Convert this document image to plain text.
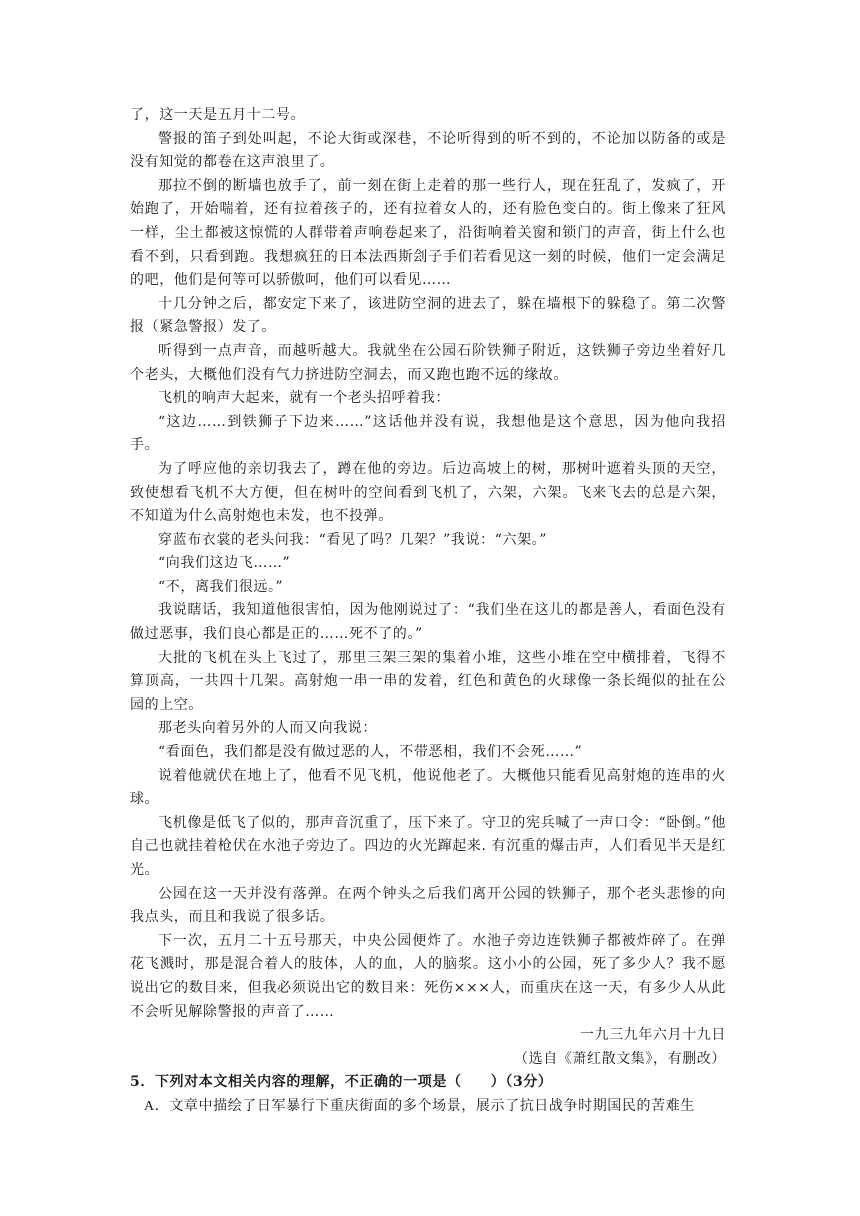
了，这一天是五月十二号。

警报的笛子到处叫起，不论大街或深巷，不论听得到的听不到的，不论加以防备的或是没有知觉的都卷在这声浪里了。

那拉不倒的断墙也放手了，前一刻在街上走着的那一些行人，现在狂乱了，发疯了，开始跑了，开始喘着，还有拉着孩子的，还有拉着女人的，还有脸色变白的。街上像来了狂风一样，尘土都被这惊慌的人群带着声响卷起来了，沿街响着关窗和锁门的声音，街上什么也看不到，只看到跑。我想疯狂的日本法西斯刽子手们若看见这一刻的时候，他们一定会满足的吧，他们是何等可以骄傲呵，他们可以看见……

十几分钟之后，都安定下来了，该进防空洞的进去了，躲在墙根下的躲稳了。第二次警报（紧急警报）发了。

听得到一点声音，而越听越大。我就坐在公园石阶铁狮子附近，这铁狮子旁边坐着好几个老头，大概他们没有气力挤进防空洞去，而又跑也跑不远的缘故。

飞机的响声大起来，就有一个老头招呼着我：

“这边……到铁狮子下边来……”这话他并没有说，我想他是这个意思，因为他向我招手。

为了呼应他的亲切我去了，蹲在他的旁边。后边高坡上的树，那树叶遮着头顶的天空，致使想看飞机不大方便，但在树叶的空间看到飞机了，六架，六架。飞来飞去的总是六架，不知道为什么高射炮也未发，也不投弹。

穿蓝布衣裳的老头问我：“看见了吗？几架？”我说：“六架。”

“向我们这边飞……”

“不，离我们很远。”

我说瞎话，我知道他很害怕，因为他刚说过了：“我们坐在这儿的都是善人，看面色没有做过恶事，我们良心都是正的……死不了的。”

大批的飞机在头上飞过了，那里三架三架的集着小堆，这些小堆在空中横排着，飞得不算顶高，一共四十几架。高射炮一串一串的发着，红色和黄色的火球像一条长绳似的扯在公园的上空。

那老头向着另外的人而又向我说：

“看面色，我们都是没有做过恶的人，不带恶相，我们不会死……”

说着他就伏在地上了，他看不见飞机，他说他老了。大概他只能看见高射炮的连串的火球。

飞机像是低飞了似的，那声音沉重了，压下来了。守卫的宪兵喊了一声口令：“卧倒。”他自己也就挂着枪伏在水池子旁边了。四边的火光蹿起来. 有沉重的爆击声，人们看见半天是红光。

公园在这一天并没有落弹。在两个钟头之后我们离开公园的铁狮子，那个老头悲惨的向我点头，而且和我说了很多话。

下一次，五月二十五号那天，中央公园便炸了。水池子旁边连铁狮子都被炸碎了。在弹花飞溅时，那是混合着人的肢体，人的血，人的脑浆。这小小的公园，死了多少人？我不愿说出它的数目来，但我必须说出它的数目来：死伤×××人，而重庆在这一天，有多少人从此不会听见解除警报的声音了……

一九三九年六月十九日

（选自《萧红散文集》，有删改）

5．下列对本文相关内容的理解，不正确的一项是（　　）（3分）

A．文章中描绘了日军暴行下重庆街面的多个场景，展示了抗日战争时期国民的苦难生
